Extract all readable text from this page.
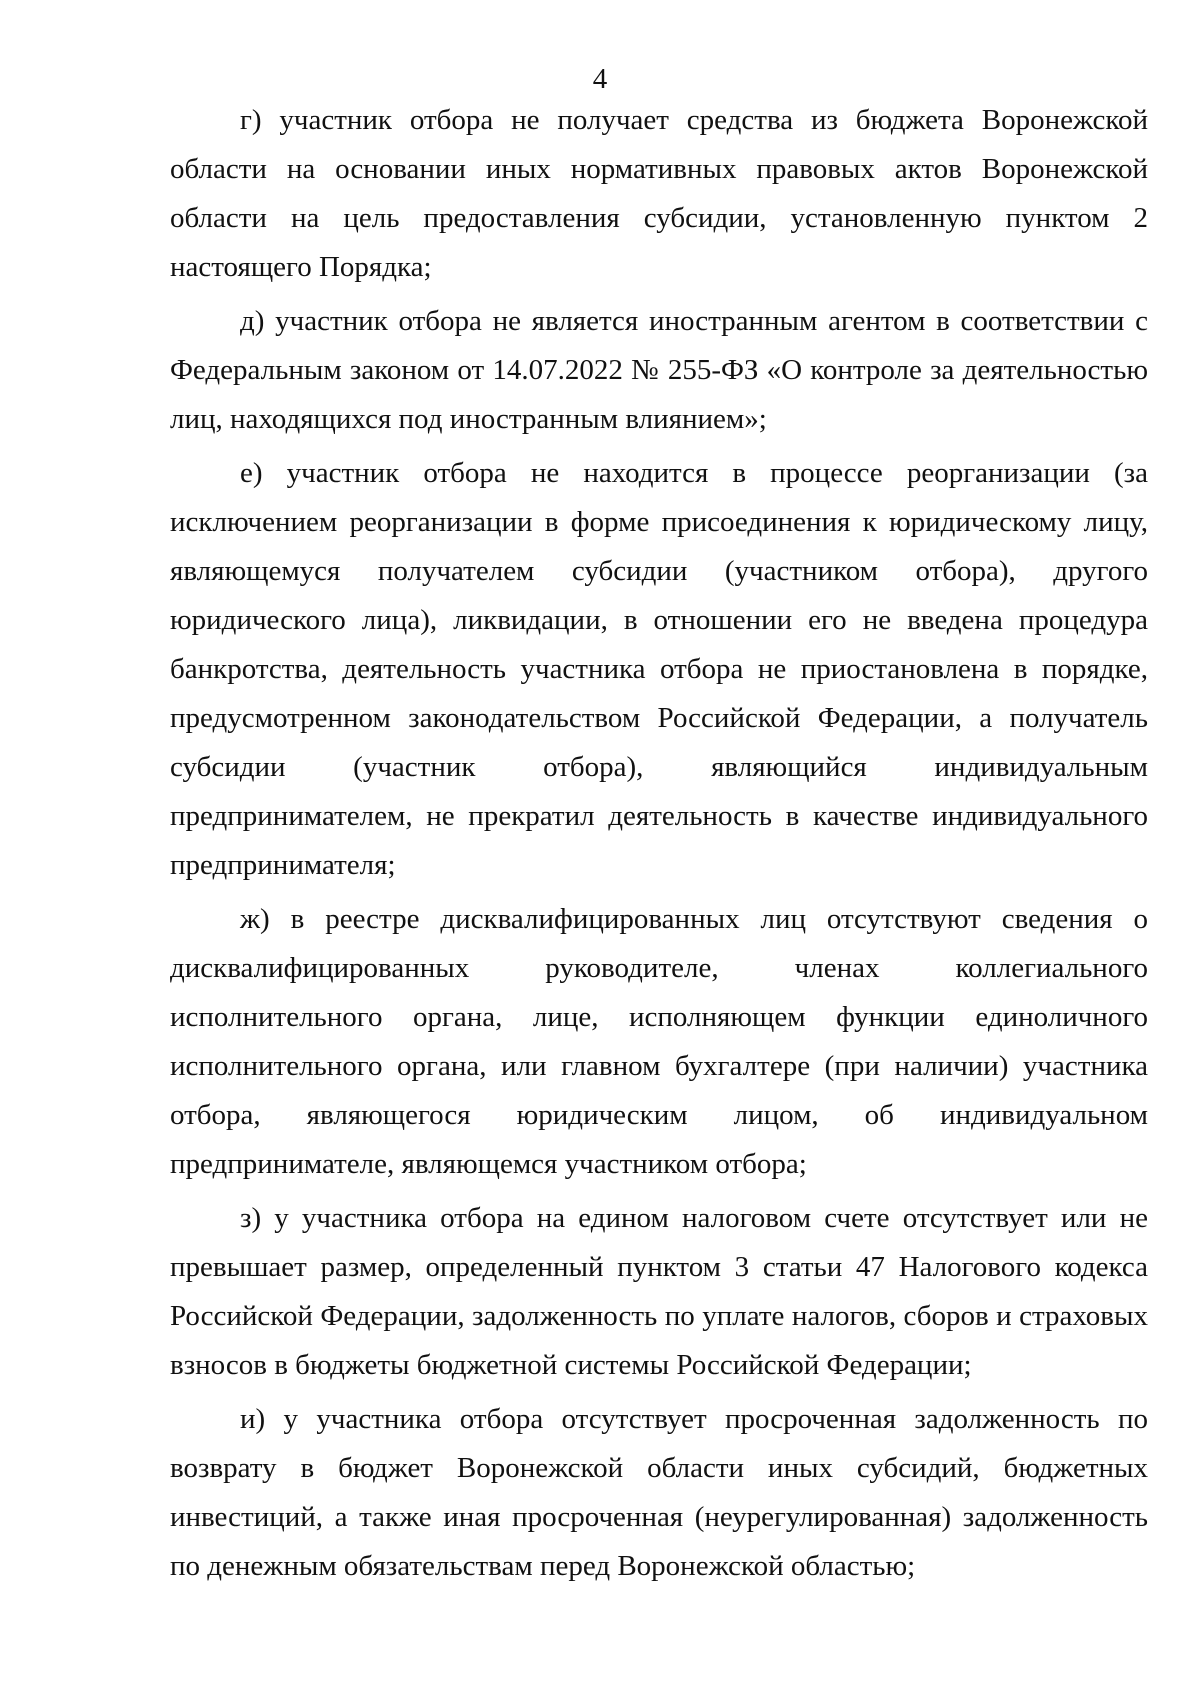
4

г) участник отбора не получает средства из бюджета Воронежской области на основании иных нормативных правовых актов Воронежской области на цель предоставления субсидии, установленную пунктом 2 настоящего Порядка;

д) участник отбора не является иностранным агентом в соответствии с Федеральным законом от 14.07.2022 № 255-ФЗ «О контроле за деятельностью лиц, находящихся под иностранным влиянием»;

е) участник отбора не находится в процессе реорганизации (за исключением реорганизации в форме присоединения к юридическому лицу, являющемуся получателем субсидии (участником отбора), другого юридического лица), ликвидации, в отношении его не введена процедура банкротства, деятельность участника отбора не приостановлена в порядке, предусмотренном законодательством Российской Федерации, а получатель субсидии (участник отбора), являющийся индивидуальным предпринимателем, не прекратил деятельность в качестве индивидуального предпринимателя;

ж) в реестре дисквалифицированных лиц отсутствуют сведения о дисквалифицированных руководителе, членах коллегиального исполнительного органа, лице, исполняющем функции единоличного исполнительного органа, или главном бухгалтере (при наличии) участника отбора, являющегося юридическим лицом, об индивидуальном предпринимателе, являющемся участником отбора;

з) у участника отбора на едином налоговом счете отсутствует или не превышает размер, определенный пунктом 3 статьи 47 Налогового кодекса Российской Федерации, задолженность по уплате налогов, сборов и страховых взносов в бюджеты бюджетной системы Российской Федерации;

и) у участника отбора отсутствует просроченная задолженность по возврату в бюджет Воронежской области иных субсидий, бюджетных инвестиций, а также иная просроченная (неурегулированная) задолженность по денежным обязательствам перед Воронежской областью;
